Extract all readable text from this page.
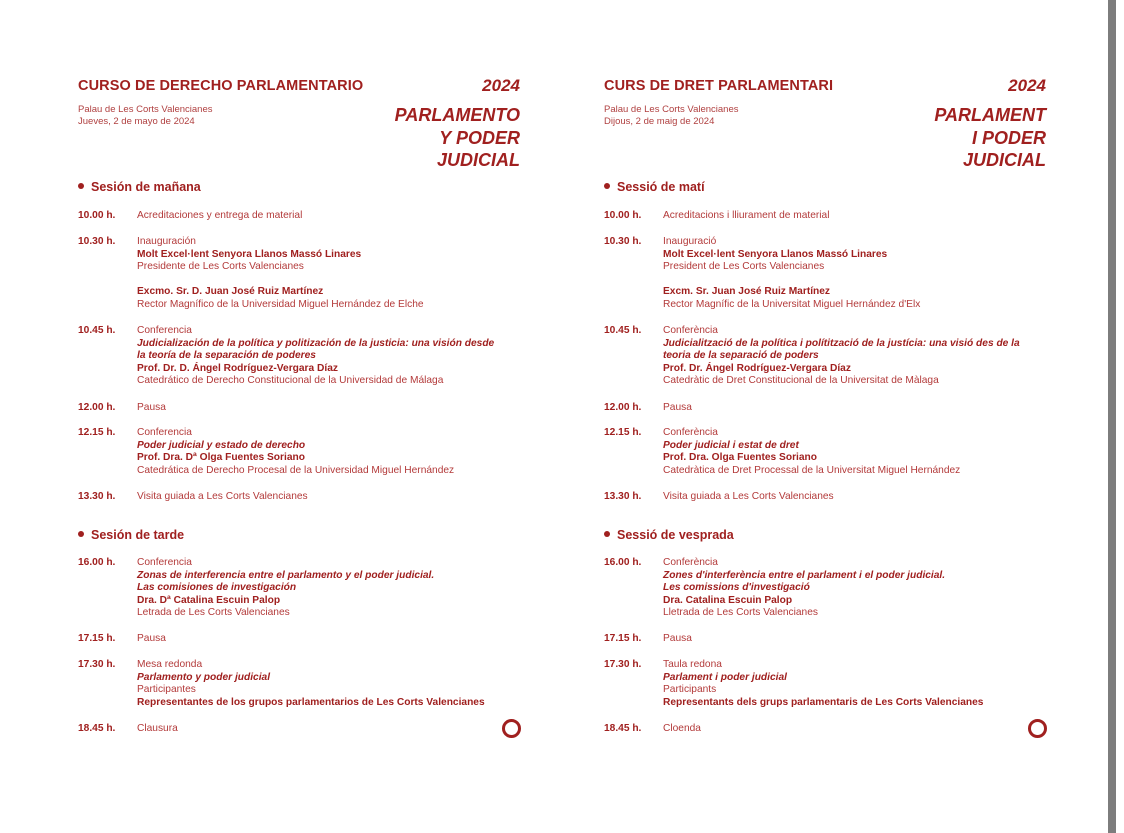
CURSO DE DERECHO PARLAMENTARIO	2024
Palau de Les Corts Valencianes
Jueves, 2 de mayo de 2024	PARLAMENTO
Y PODER
JUDICIAL
Sesión de mañana
10.00 h. Acreditaciones y entrega de material
10.30 h. Inauguración
Molt Excel·lent Senyora Llanos Massó Linares
Presidente de Les Corts Valencianes
Excmo. Sr. D. Juan José Ruiz Martínez
Rector Magnífico de la Universidad Miguel Hernández de Elche
10.45 h. Conferencia
Judicialización de la política y politización de la justicia: una visión desde
la teoría de la separación de poderes
Prof. Dr. D. Ángel Rodríguez-Vergara Díaz
Catedrático de Derecho Constitucional de la Universidad de Málaga
12.00 h. Pausa
12.15 h. Conferencia
Poder judicial y estado de derecho
Prof. Dra. Dª Olga Fuentes Soriano
Catedrática de Derecho Procesal de la Universidad Miguel Hernández
13.30 h. Visita guiada a Les Corts Valencianes
Sesión de tarde
16.00 h. Conferencia
Zonas de interferencia entre el parlamento y el poder judicial.
Las comisiones de investigación
Dra. Dª Catalina Escuin Palop
Letrada de Les Corts Valencianes
17.15 h. Pausa
17.30 h. Mesa redonda
Parlamento y poder judicial
Participantes
Representantes de los grupos parlamentarios de Les Corts Valencianes
18.45 h. Clausura
CURS DE DRET PARLAMENTARI	2024
Palau de Les Corts Valencianes
Dijous, 2 de maig de 2024	PARLAMENT
I PODER
JUDICIAL
Sessió de matí
10.00 h. Acreditacions i lliurament de material
10.30 h. Inauguració
Molt Excel·lent Senyora Llanos Massó Linares
President de Les Corts Valencianes
Excm. Sr. Juan José Ruiz Martínez
Rector Magnífic de la Universitat Miguel Hernández d'Elx
10.45 h. Conferència
Judicialització de la política i polítització de la justícia: una visió des de la
teoria de la separació de poders
Prof. Dr. Ángel Rodríguez-Vergara Díaz
Catedràtic de Dret Constitucional de la Universitat de Màlaga
12.00 h. Pausa
12.15 h. Conferència
Poder judicial i estat de dret
Prof. Dra. Olga Fuentes Soriano
Catedràtica de Dret Processal de la Universitat Miguel Hernández
13.30 h. Visita guiada a Les Corts Valencianes
Sessió de vesprada
16.00 h. Conferència
Zones d'interferència entre el parlament i el poder judicial.
Les comissions d'investigació
Dra. Catalina Escuin Palop
Lletrada de Les Corts Valencianes
17.15 h. Pausa
17.30 h. Taula redona
Parlament i poder judicial
Participants
Representants dels grups parlamentaris de Les Corts Valencianes
18.45 h. Cloenda
